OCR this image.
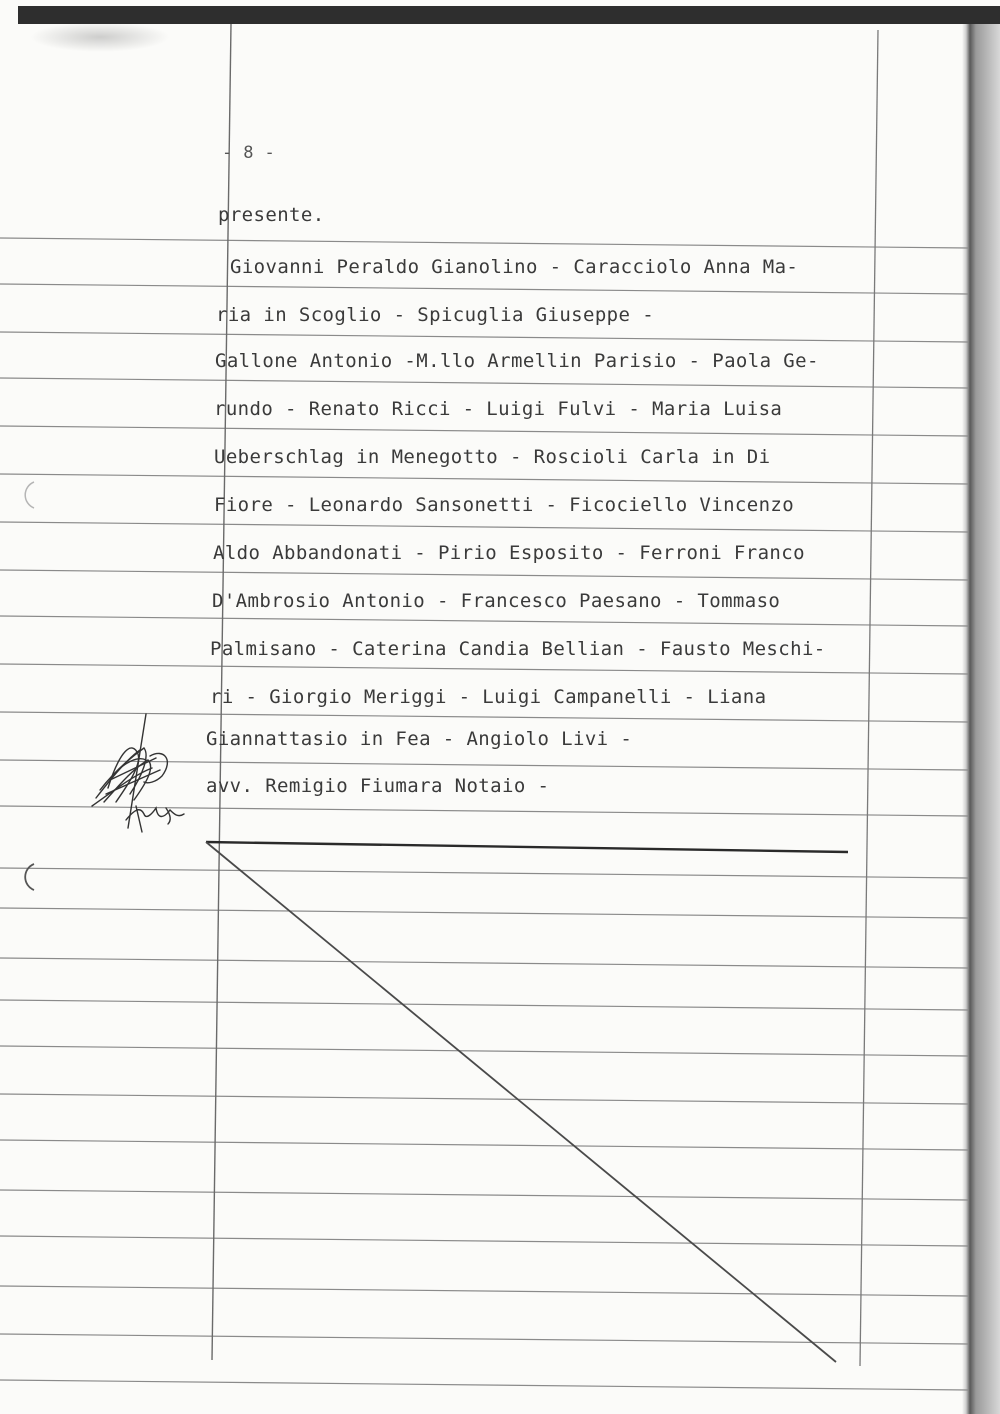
- 8 -
presente.
Giovanni Peraldo Gianolino - Caracciolo Anna Ma-
ria in Scoglio - Spicuglia Giuseppe -
Gallone Antonio -M.llo Armellin Parisio - Paola Ge-
rundo - Renato Ricci - Luigi Fulvi - Maria Luisa
Ueberschlag in Menegotto - Roscioli Carla in Di
Fiore - Leonardo Sansonetti - Ficociello Vincenzo
Aldo Abbandonati - Pirio Esposito - Ferroni Franco
D'Ambrosio Antonio - Francesco Paesano - Tommaso
Palmisano - Caterina Candia Bellian - Fausto Meschi-
ri - Giorgio Meriggi - Luigi Campanelli - Liana
Giannattasio in Fea - Angiolo Livi -
avv. Remigio Fiumara Notaio -
